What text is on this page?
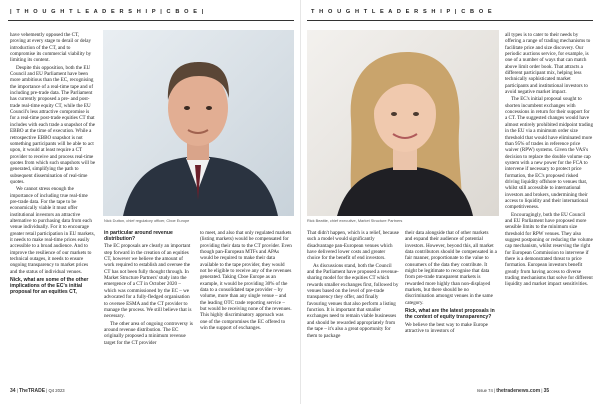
| T H O U G H T L E A D E R S H I P | C B O E |

have vehemently opposed the CT, proving at every stage to derail or delay introduction of the CT, and to compromise its commercial viability by limiting its content.

Despite this opposition, both the EU Council and EU Parliament have been more ambitious than the EC, recognising the importance of a real-time tape and of including pre-trade data. The Parliament has currently proposed a pre- and post-trade real-time equity CT, while the EU Council's less attractive compromise is for a real-time post-trade equities CT that includes with each trade a snapshot of the EBBO at the time of execution. While a retrospective EBBO snapshot is not something participants will be able to act upon, it would at least require a CT provider to receive and process real-time quotes from which such snapshots will be generated, simplifying the path to subsequent dissemination of real-time quotes.

We cannot stress enough the importance of including true real-time pre-trade data. For the tape to be economically viable it must offer institutional investors an attractive alternative to purchasing data from each venue individually. For it to encourage greater retail participation in EU markets, it needs to make real-time prices easily accessible to a broad audience. And to improve the resilience of our markets to technical outages, it needs to ensure ongoing transparency to market prices and the status of individual venues.

Nick, what are some of the other implications of the EC's initial proposal for an equities CT,

Nick Dutton, chief regulatory officer, Cboe Europe

in particular around revenue distribution?

The EC proposals are clearly an important step forward in the creation of an equities CT, however we believe the amount of work required to establish and oversee the CT has not been fully thought through. In Market Structure Partners' study into the emergence of a CT in October 2020 – which was commissioned by the EC – we advocated for a fully-fledged organisation to oversee ESMA and the CT provider to manage the process. We still believe that is necessary.

The other area of ongoing controversy is around revenue distribution. The EC originally proposed a minimum revenue target for the CT provider

to meet, and also that only regulated markets (listing markets) would be compensated for providing their data to the CT provider. Even though pan-European MTFs and APAs would be required to make their data available to the tape provider, they would not be eligible to receive any of the revenues generated. Taking Cboe Europe as an example, it would be providing 30% of the data to a consolidated tape provider – by volume, more than any single venue – and the leading OTC trade reporting service – but would be receiving none of the revenues. This highly discriminatory approach was one of the compromises the EC offered to win the support of exchanges.

34 | TheTRADE | Q4 2023
T H O U G H T L E A D E R S H I P | C B O E
Rick Beattie, chief executive, Market Structure Partners

That didn't happen, which is a relief, because such a model would significantly disadvantage pan-European venues which have delivered lower costs and greater choice for the benefit of end investors.

As discussions stand, both the Council and the Parliament have proposed a revenue-sharing model for the equities CT which rewards smaller exchanges first, followed by venues based on the level of pre-trade transparency they offer, and finally favouring venues that also perform a listing function. It is important that smaller exchanges need to remain viable businesses and should be rewarded appropriately from the tape – it's also a great opportunity for them to package

their data alongside that of other markets and expand their audience of potential investors. However, beyond this, all market data contributors should be compensated in a fair manner, proportionate to the value to consumers of the data they contribute. It might be legitimate to recognise that data from pre-trade transparent markets is rewarded more highly than non-displayed markets, but there should be no discrimination amongst venues in the same category.

Rick, what are the latest proposals in the context of equity transparency?

We believe the best way to make Europe attractive to investors of

all types is to cater to their needs by offering a range of trading mechanisms to facilitate price and size discovery. Our periodic auctions service, for example, is one of a number of ways that can match above limit order book. That attracts a different participant mix, helping less technically sophisticated market participants and institutional investors to avoid negative market impact.

The EC's initial proposal sought to shorten incumbent exchanges with concessions in return for their support for a CT. The suggested changes would have almost entirely prohibited midpoint trading in the EU via a minimum order size threshold that would have eliminated more than 95% of trades in reference price waiver (RPW) systems. Given the VAS's decision to replace the double volume cap system with a new power for the FCA to intervene if necessary to protect price formation, the EC's proposed risked driving liquidity offshore to venues that, whilst still accessible to international investors and brokers, undermining their access to liquidity and their international competitiveness.

Encouragingly, both the EU Council and EU Parliament have proposed more sensible limits to the minimum size threshold for RPW venues. They also suggest postponing or reducing the volume cap mechanism, whilst reserving the right for European Commission to intervene if there is a demonstrated threat to price formation. European investors benefit greatly from having access to diverse trading mechanisms that solve for different liquidity and market impact sensitivities.

Issue 74 | thetradenews.com | 35
